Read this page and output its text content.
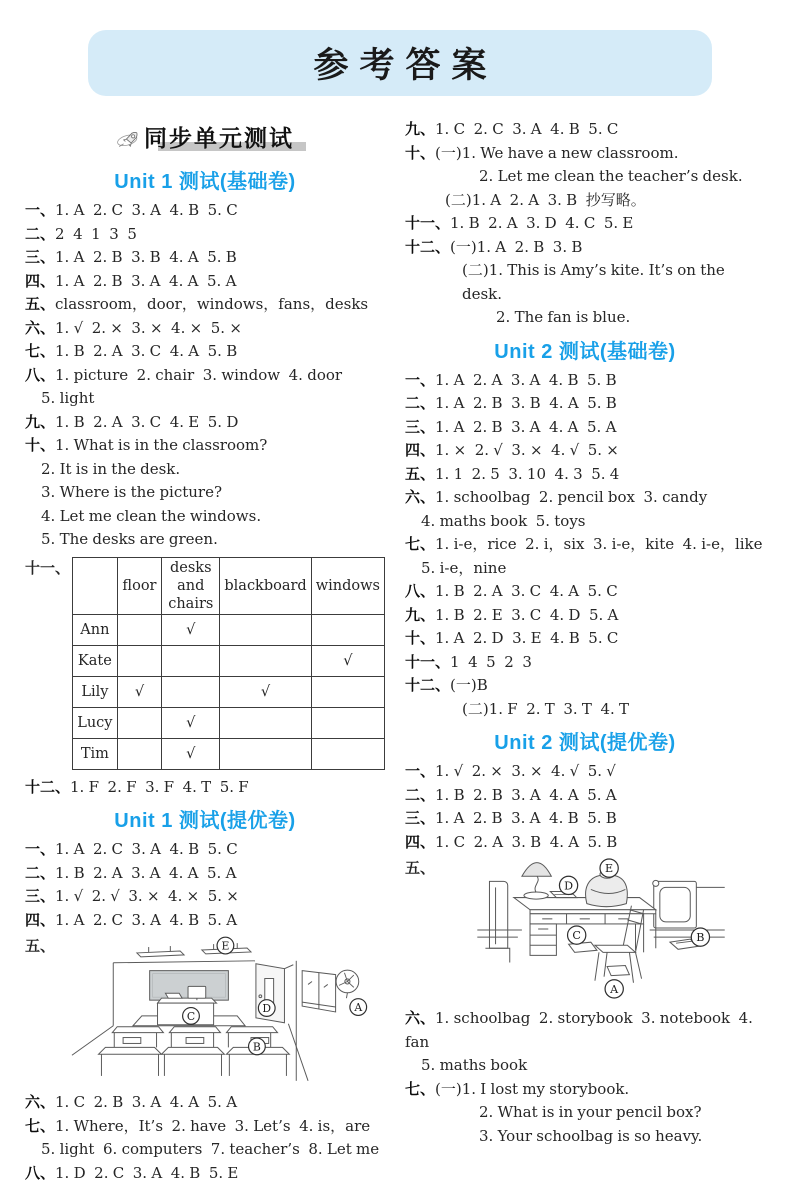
参考答案
同步单元测试
Unit 1 测试(基础卷)
一、1. A  2. C  3. A  4. B  5. C
二、2  4  1  3  5
三、1. A  2. B  3. B  4. A  5. B
四、1. A  2. B  3. A  4. A  5. A
五、classroom，door，windows，fans，desks
六、1. √  2. ×  3. ×  4. ×  5. ×
七、1. B  2. A  3. C  4. A  5. B
八、1. picture  2. chair  3. window  4. door
5. light
九、1. B  2. A  3. C  4. E  5. D
十、1. What is in the classroom?
2. It is in the desk.
3. Where is the picture?
4. Let me clean the windows.
5. The desks are green.
十一、
	floor	desks and chairs	blackboard	windows
Ann		√		
Kate				√
Lily	√		√	
Lucy		√		
Tim		√		
十二、1. F  2. F  3. F  4. T  5. F
Unit 1 测试(提优卷)
一、1. A  2. C  3. A  4. B  5. C
二、1. B  2. A  3. A  4. A  5. A
三、1. √  2. √  3. ×  4. ×  5. ×
四、1. A  2. C  3. A  4. B  5. A
五、
A
B
C
D
E
六、1. C  2. B  3. A  4. A  5. A
七、1. Where，It’s  2. have  3. Let’s  4. is，are
5. light  6. computers  7. teacher’s  8. Let me
八、1. D  2. C  3. A  4. B  5. E
九、1. C  2. C  3. A  4. B  5. C
十、(一)1. We have a new classroom.
2. Let me clean the teacher’s desk.
(二)1. A  2. A  3. B  抄写略。
十一、1. B  2. A  3. D  4. C  5. E
十二、(一)1. A  2. B  3. B
(二)1. This is Amy’s kite. It’s on the desk.
2. The fan is blue.
Unit 2 测试(基础卷)
一、1. A  2. A  3. A  4. B  5. B
二、1. A  2. B  3. B  4. A  5. B
三、1. A  2. B  3. A  4. A  5. A
四、1. ×  2. √  3. ×  4. √  5. ×
五、1. 1  2. 5  3. 10  4. 3  5. 4
六、1. schoolbag  2. pencil box  3. candy
4. maths book  5. toys
七、1. i-e，rice  2. i，six  3. i-e，kite  4. i-e，like
5. i-e，nine
八、1. B  2. A  3. C  4. A  5. C
九、1. B  2. E  3. C  4. D  5. A
十、1. A  2. D  3. E  4. B  5. C
十一、1  4  5  2  3
十二、(一)B
(二)1. F  2. T  3. T  4. T
Unit 2 测试(提优卷)
一、1. √  2. ×  3. ×  4. √  5. √
二、1. B  2. B  3. A  4. A  5. A
三、1. A  2. B  3. A  4. B  5. B
四、1. C  2. A  3. B  4. A  5. B
五、
A
B
C
D
E
六、1. schoolbag  2. storybook  3. notebook  4. fan
5. maths book
七、(一)1. I lost my storybook.
2. What is in your pencil box?
3. Your schoolbag is so heavy.
